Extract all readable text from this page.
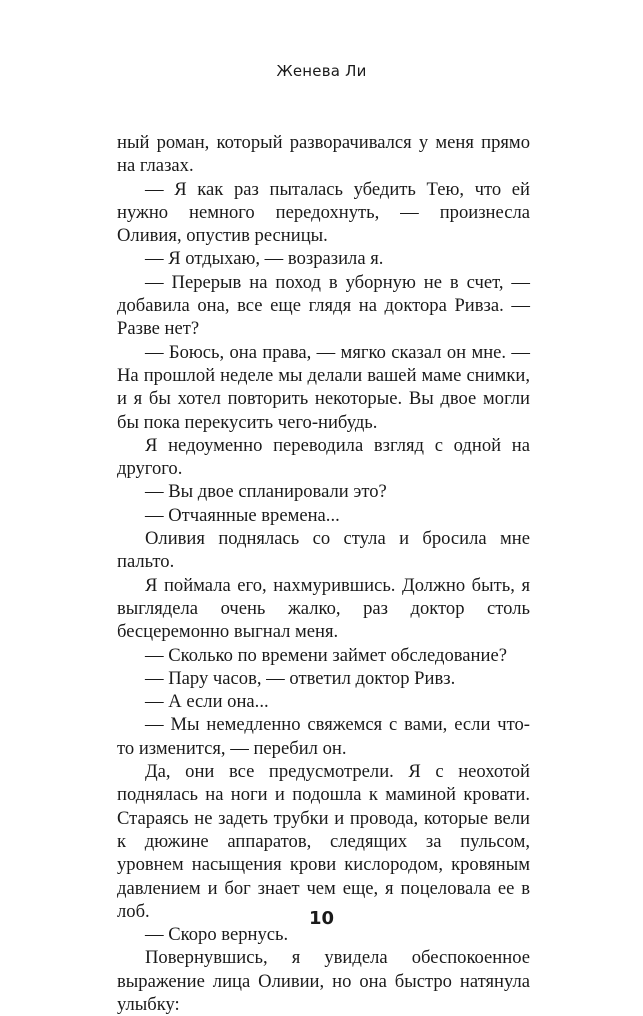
Женева Ли

ный роман, который разворачивался у меня прямо на глазах.

— Я как раз пыталась убедить Тею, что ей нужно немного передохнуть, — произнесла Оливия, опустив ресницы.

— Я отдыхаю, — возразила я.

— Перерыв на поход в уборную не в счет, — добавила она, все еще глядя на доктора Ривза. — Разве нет?

— Боюсь, она права, — мягко сказал он мне. — На прошлой неделе мы делали вашей маме снимки, и я бы хотел повторить некоторые. Вы двое могли бы пока перекусить чего-нибудь.

Я недоуменно переводила взгляд с одной на другого.

— Вы двое спланировали это?

— Отчаянные времена...

Оливия поднялась со стула и бросила мне пальто.

Я поймала его, нахмурившись. Должно быть, я выглядела очень жалко, раз доктор столь бесцеремонно выгнал меня.

— Сколько по времени займет обследование?

— Пару часов, — ответил доктор Ривз.

— А если она...

— Мы немедленно свяжемся с вами, если что-то изменится, — перебил он.

Да, они все предусмотрели. Я с неохотой поднялась на ноги и подошла к маминой кровати. Стараясь не задеть трубки и провода, которые вели к дюжине аппаратов, следящих за пульсом, уровнем насыщения крови кислородом, кровяным давлением и бог знает чем еще, я поцеловала ее в лоб.

— Скоро вернусь.

Повернувшись, я увидела обеспокоенное выражение лица Оливии, но она быстро натянула улыбку:

10
